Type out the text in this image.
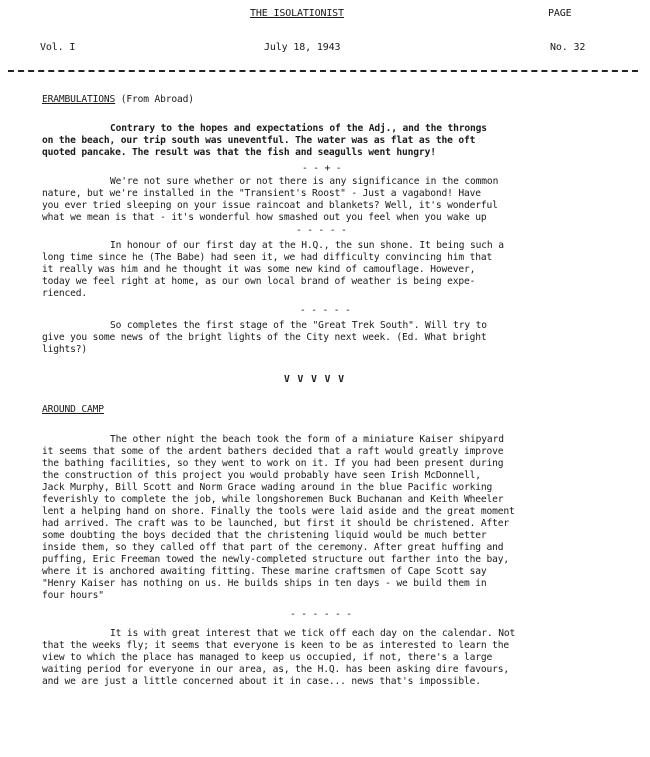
THE ISOLATIONIST	PAGE
Vol. I	July 18, 1943	No. 32
ERAMBULATIONS (From Abroad)
Contrary to the hopes and expectations of the Adj., and the throngs
on the beach, our trip south was uneventful. The water was as flat as the oft
quoted pancake. The result was that the fish and seagulls went hungry!
- - + -
We're not sure whether or not there is any significance in the common
nature, but we're installed in the "Transient's Roost" - Just a vagabond! Have
you ever tried sleeping on your issue raincoat and blankets? Well, it's wonderful
what we mean is that - it's wonderful how smashed out you feel when you wake up
- - - - -
In honour of our first day at the H.Q., the sun shone. It being such a
long time since he (The Babe) had seen it, we had difficulty convincing him that
it really was him and he thought it was some new kind of camouflage. However,
today we feel right at home, as our own local brand of weather is being expe-
rienced.
- - - - -
So completes the first stage of the "Great Trek South". Will try to
give you some news of the bright lights of the City next week. (Ed. What bright
lights?)
V V V V V
AROUND CAMP
The other night the beach took the form of a miniature Kaiser shipyard
it seems that some of the ardent bathers decided that a raft would greatly improve
the bathing facilities, so they went to work on it. If you had been present during
the construction of this project you would probably have seen Irish McDonnell,
Jack Murphy, Bill Scott and Norm Grace wading around in the blue Pacific working
feverishly to complete the job, while longshoremen Buck Buchanan and Keith Wheeler
lent a helping hand on shore. Finally the tools were laid aside and the great moment
had arrived. The craft was to be launched, but first it should be christened. After
some doubting the boys decided that the christening liquid would be much better
inside them, so they called off that part of the ceremony. After great huffing and
puffing, Eric Freeman towed the newly-completed structure out farther into the bay,
where it is anchored awaiting fitting. These marine craftsmen of Cape Scott say
"Henry Kaiser has nothing on us. He builds ships in ten days - we build them in
four hours"
- - - - - -
It is with great interest that we tick off each day on the calendar. Not
that the weeks fly; it seems that everyone is keen to be as interested to learn the
view to which the place has managed to keep us occupied, if not, there's a large
waiting period for everyone in our area, as, the H.Q. has been asking dire favours,
and we are just a little concerned about it in case... news that's impossible.
